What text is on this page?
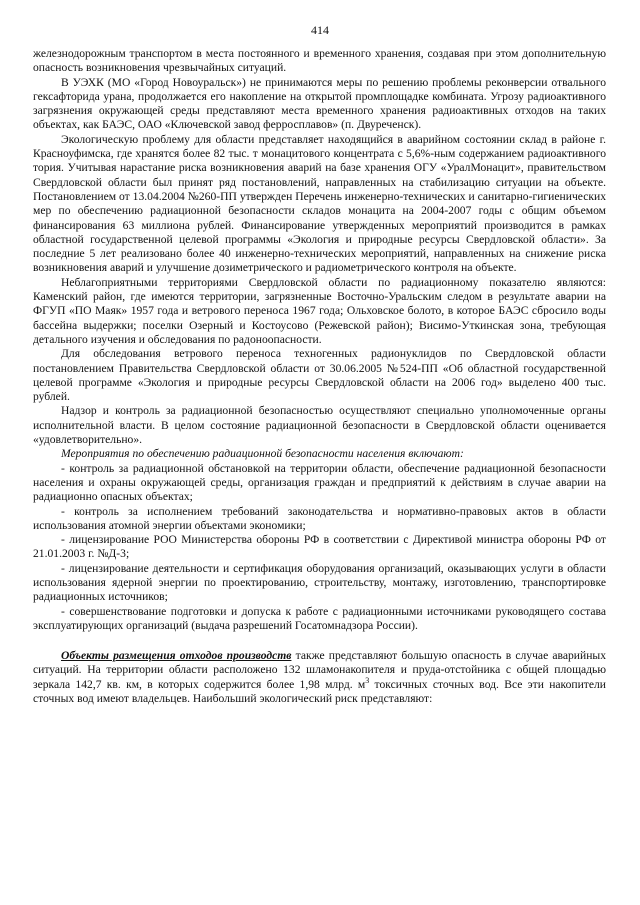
414

железнодорожным транспортом в места постоянного и временного хранения, создавая при этом дополнительную опасность возникновения чрезвычайных ситуаций.

В УЭХК (МО «Город Новоуральск») не принимаются меры по решению проблемы реконверсии отвального гексафторида урана, продолжается его накопление на открытой промплощадке комбината. Угрозу радиоактивного загрязнения окружающей среды представляют места временного хранения радиоактивных отходов на таких объектах, как БАЭС, ОАО «Ключевской завод ферросплавов» (п. Двуреченск).

Экологическую проблему для области представляет находящийся в аварийном состоянии склад в районе г. Красноуфимска, где хранятся более 82 тыс. т монацитового концентрата с 5,6%-ным содержанием радиоактивного тория. Учитывая нарастание риска возникновения аварий на базе хранения ОГУ «УралМонацит», правительством Свердловской области был принят ряд постановлений, направленных на стабилизацию ситуации на объекте. Постановлением от 13.04.2004 №260-ПП утвержден Перечень инженерно-технических и санитарно-гигиенических мер по обеспечению радиационной безопасности складов монацита на 2004-2007 годы с общим объемом финансирования 63 миллиона рублей. Финансирование утвержденных мероприятий производится в рамках областной государственной целевой программы «Экология и природные ресурсы Свердловской области». За последние 5 лет реализовано более 40 инженерно-технических мероприятий, направленных на снижение риска возникновения аварий и улучшение дозиметрического и радиометрического контроля на объекте.

Неблагоприятными территориями Свердловской области по радиационному показателю являются: Каменский район, где имеются территории, загрязненные Восточно-Уральским следом в результате аварии на ФГУП «ПО Маяк» 1957 года и ветрового переноса 1967 года; Ольховское болото, в которое БАЭС сбросило воды бассейна выдержки; поселки Озерный и Костоусово (Режевской район); Висимо-Уткинская зона, требующая детального изучения и обследования по радоноопасности.

Для обследования ветрового переноса техногенных радионуклидов по Свердловской области постановлением Правительства Свердловской области от 30.06.2005 №524-ПП «Об областной государственной целевой программе «Экология и природные ресурсы Свердловской области на 2006 год» выделено 400 тыс. рублей.

Надзор и контроль за радиационной безопасностью осуществляют специально уполномоченные органы исполнительной власти. В целом состояние радиационной безопасности в Свердловской области оценивается «удовлетворительно».

Мероприятия по обеспечению радиационной безопасности населения включают:

- контроль за радиационной обстановкой на территории области, обеспечение радиационной безопасности населения и охраны окружающей среды, организация граждан и предприятий к действиям в случае аварии на радиационно опасных объектах;

- контроль за исполнением требований законодательства и нормативно-правовых актов в области использования атомной энергии объектами экономики;

- лицензирование РОО Министерства обороны РФ в соответствии с Директивой министра обороны РФ от 21.01.2003 г. №Д-3;

- лицензирование деятельности и сертификация оборудования организаций, оказывающих услуги в области использования ядерной энергии по проектированию, строительству, монтажу, изготовлению, транспортировке радиационных источников;

- совершенствование подготовки и допуска к работе с радиационными источниками руководящего состава эксплуатирующих организаций (выдача разрешений Госатомнадзора России).

Объекты размещения отходов производств также представляют большую опасность в случае аварийных ситуаций. На территории области расположено 132 шламонакопителя и пруда-отстойника с общей площадью зеркала 142,7 кв. км, в которых содержится более 1,98 млрд. $м^3$ токсичных сточных вод. Все эти накопители сточных вод имеют владельцев. Наибольший экологический риск представляют:
